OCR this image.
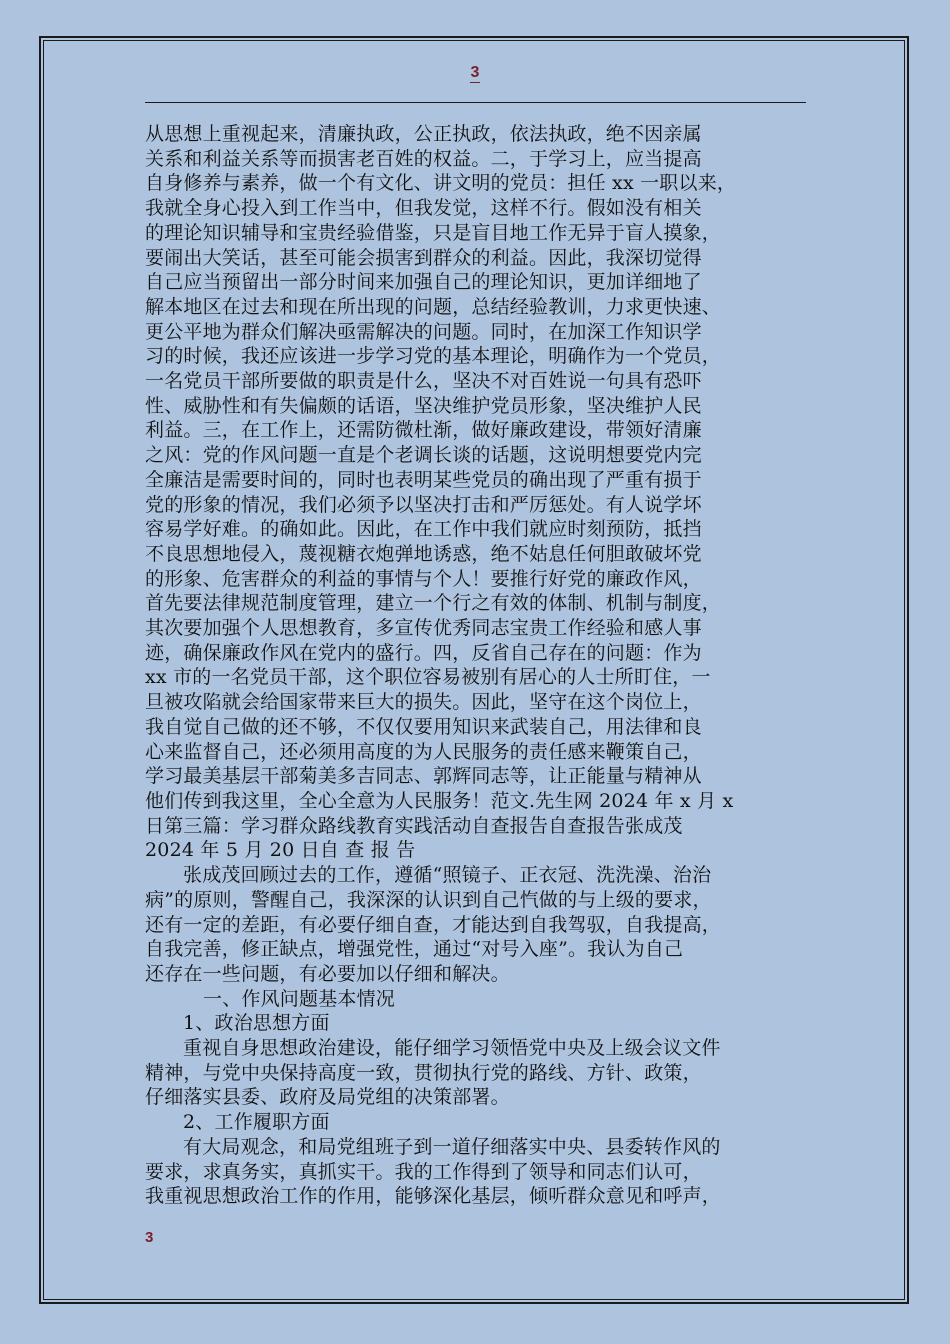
3

从思想上重视起来，清廉执政，公正执政，依法执政，绝不因亲属
关系和利益关系等而损害老百姓的权益。二，于学习上，应当提高
自身修养与素养，做一个有文化、讲文明的党员：担任 xx 一职以来，
我就全身心投入到工作当中，但我发觉，这样不行。假如没有相关
的理论知识辅导和宝贵经验借鉴，只是盲目地工作无异于盲人摸象，
要闹出大笑话，甚至可能会损害到群众的利益。因此，我深切觉得
自己应当预留出一部分时间来加强自己的理论知识，更加详细地了
解本地区在过去和现在所出现的问题，总结经验教训，力求更快速、
更公平地为群众们解决亟需解决的问题。同时，在加深工作知识学
习的时候，我还应该进一步学习党的基本理论，明确作为一个党员，
一名党员干部所要做的职责是什么，坚决不对百姓说一句具有恐吓
性、威胁性和有失偏颇的话语，坚决维护党员形象，坚决维护人民
利益。三，在工作上，还需防微杜渐，做好廉政建设，带领好清廉
之风：党的作风问题一直是个老调长谈的话题，这说明想要党内完
全廉洁是需要时间的，同时也表明某些党员的确出现了严重有损于
党的形象的情况，我们必须予以坚决打击和严厉惩处。有人说学坏
容易学好难。的确如此。因此，在工作中我们就应时刻预防，抵挡
不良思想地侵入，蔑视糖衣炮弹地诱惑，绝不姑息任何胆敢破坏党
的形象、危害群众的利益的事情与个人！要推行好党的廉政作风，
首先要法律规范制度管理，建立一个行之有效的体制、机制与制度，
其次要加强个人思想教育，多宣传优秀同志宝贵工作经验和感人事
迹，确保廉政作风在党内的盛行。四，反省自己存在的问题：作为
xx 市的一名党员干部，这个职位容易被别有居心的人士所盯住，一
旦被攻陷就会给国家带来巨大的损失。因此，坚守在这个岗位上，
我自觉自己做的还不够，不仅仅要用知识来武装自己，用法律和良
心来监督自己，还必须用高度的为人民服务的责任感来鞭策自己，
学习最美基层干部菊美多吉同志、郭辉同志等，让正能量与精神从
他们传到我这里，全心全意为人民服务！范文.先生网 2024 年 x 月 x
日第三篇：学习群众路线教育实践活动自查报告自查报告张成茂
2024 年 5 月 20 日自 查 报 告

张成茂回顾过去的工作，遵循“照镜子、正衣冠、洗洗澡、治治
病”的原则，警醒自己，我深深的认识到自己忾做的与上级的要求，
还有一定的差距，有必要仔细自查，才能达到自我驾驭，自我提高，
自我完善，修正缺点，增强党性，通过“对号入座”。我认为自己
还存在一些问题，有必要加以仔细和解决。

一、作风问题基本情况

1、政治思想方面

重视自身思想政治建设，能仔细学习领悟党中央及上级会议文件
精神，与党中央保持高度一致，贯彻执行党的路线、方针、政策，
仔细落实县委、政府及局党组的决策部署。

2、工作履职方面

有大局观念，和局党组班子到一道仔细落实中央、县委转作风的
要求，求真务实，真抓实干。我的工作得到了领导和同志们认可，
我重视思想政治工作的作用，能够深化基层，倾听群众意见和呼声，

3
